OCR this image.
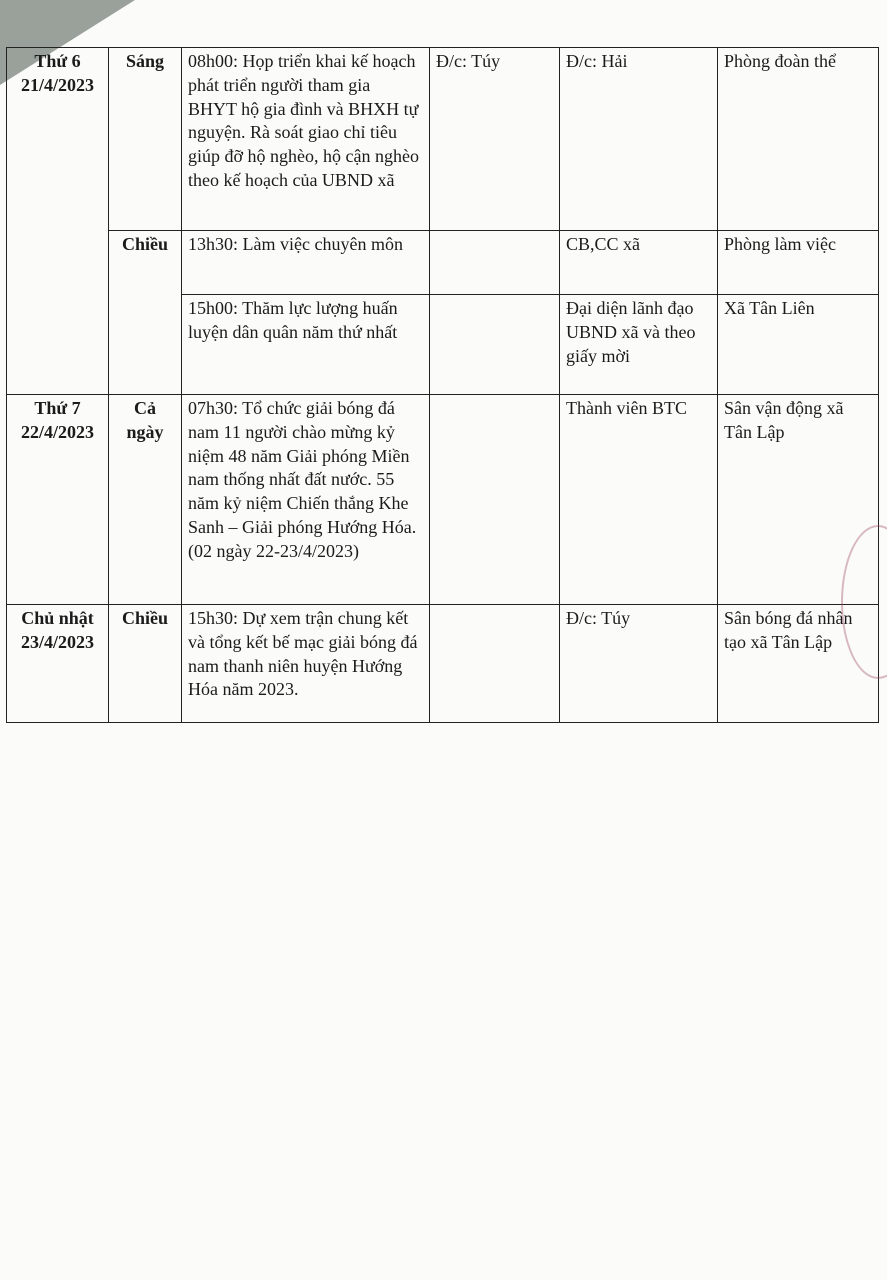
Thứ 6
21/4/2023	Sáng	08h00: Họp triển khai kế hoạch phát triển người tham gia BHYT hộ gia đình và BHXH tự nguyện. Rà soát giao chỉ tiêu giúp đỡ hộ nghèo, hộ cận nghèo theo kế hoạch của UBND xã	Đ/c: Túy	Đ/c: Hải	Phòng đoàn thể
	Chiều	13h30: Làm việc chuyên môn		CB,CC xã	Phòng làm việc
		15h00: Thăm lực lượng huấn luyện dân quân năm thứ nhất		Đại diện lãnh đạo UBND xã và theo giấy mời	Xã Tân Liên

Thứ 7
22/4/2023	Cả ngày	07h30: Tổ chức giải bóng đá nam 11 người chào mừng kỷ niệm 48 năm Giải phóng Miền nam thống nhất đất nước. 55 năm kỷ niệm Chiến thắng Khe Sanh – Giải phóng Hướng Hóa. (02 ngày 22-23/4/2023)		Thành viên BTC	Sân vận động xã Tân Lập

Chủ nhật
23/4/2023	Chiều	15h30: Dự xem trận chung kết và tổng kết bế mạc giải bóng đá nam thanh niên huyện Hướng Hóa năm 2023.		Đ/c: Túy	Sân bóng đá nhân tạo xã Tân Lập
